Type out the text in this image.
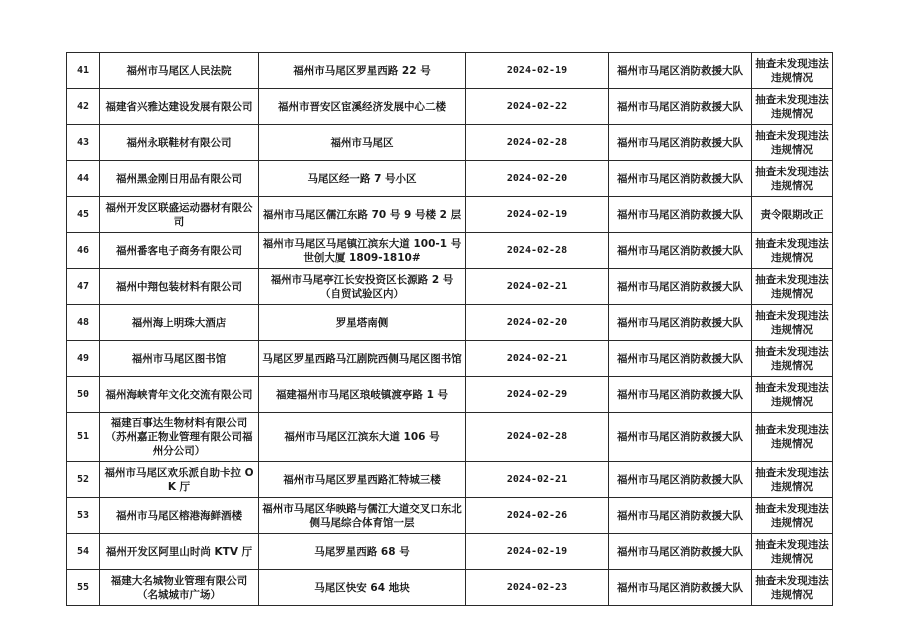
41	福州市马尾区人民法院	福州市马尾区罗星西路 22 号	2024-02-19	福州市马尾区消防救援大队	抽查未发现违法违规情况
42	福建省兴雅达建设发展有限公司	福州市晋安区宦溪经济发展中心二楼	2024-02-22	福州市马尾区消防救援大队	抽查未发现违法违规情况
43	福州永联鞋材有限公司	福州市马尾区	2024-02-28	福州市马尾区消防救援大队	抽查未发现违法违规情况
44	福州黑金刚日用品有限公司	马尾区经一路 7 号小区	2024-02-20	福州市马尾区消防救援大队	抽查未发现违法违规情况
45	福州开发区联盛运动器材有限公司	福州市马尾区儒江东路 70 号 9 号楼 2 层	2024-02-19	福州市马尾区消防救援大队	责令限期改正
46	福州番客电子商务有限公司	福州市马尾区马尾镇江滨东大道 100-1 号世创大厦 1809-1810#	2024-02-28	福州市马尾区消防救援大队	抽查未发现违法违规情况
47	福州中翔包装材料有限公司	福州市马尾亭江长安投资区长源路 2 号（自贸试验区内）	2024-02-21	福州市马尾区消防救援大队	抽查未发现违法违规情况
48	福州海上明珠大酒店	罗星塔南侧	2024-02-20	福州市马尾区消防救援大队	抽查未发现违法违规情况
49	福州市马尾区图书馆	马尾区罗星西路马江剧院西侧马尾区图书馆	2024-02-21	福州市马尾区消防救援大队	抽查未发现违法违规情况
50	福州海峡青年文化交流有限公司	福建福州市马尾区琅岐镇渡亭路 1 号	2024-02-29	福州市马尾区消防救援大队	抽查未发现违法违规情况
51	福建百事达生物材料有限公司（苏州嘉正物业管理有限公司福州分公司）	福州市马尾区江滨东大道 106 号	2024-02-28	福州市马尾区消防救援大队	抽查未发现违法违规情况
52	福州市马尾区欢乐派自助卡拉 OK 厅	福州市马尾区罗星西路汇特城三楼	2024-02-21	福州市马尾区消防救援大队	抽查未发现违法违规情况
53	福州市马尾区榕港海鲜酒楼	福州市马尾区华映路与儒江大道交叉口东北侧马尾综合体育馆一层	2024-02-26	福州市马尾区消防救援大队	抽查未发现违法违规情况
54	福州开发区阿里山时尚 KTV 厅	马尾罗星西路 68 号	2024-02-19	福州市马尾区消防救援大队	抽查未发现违法违规情况
55	福建大名城物业管理有限公司（名城城市广场）	马尾区快安 64 地块	2024-02-23	福州市马尾区消防救援大队	抽查未发现违法违规情况
